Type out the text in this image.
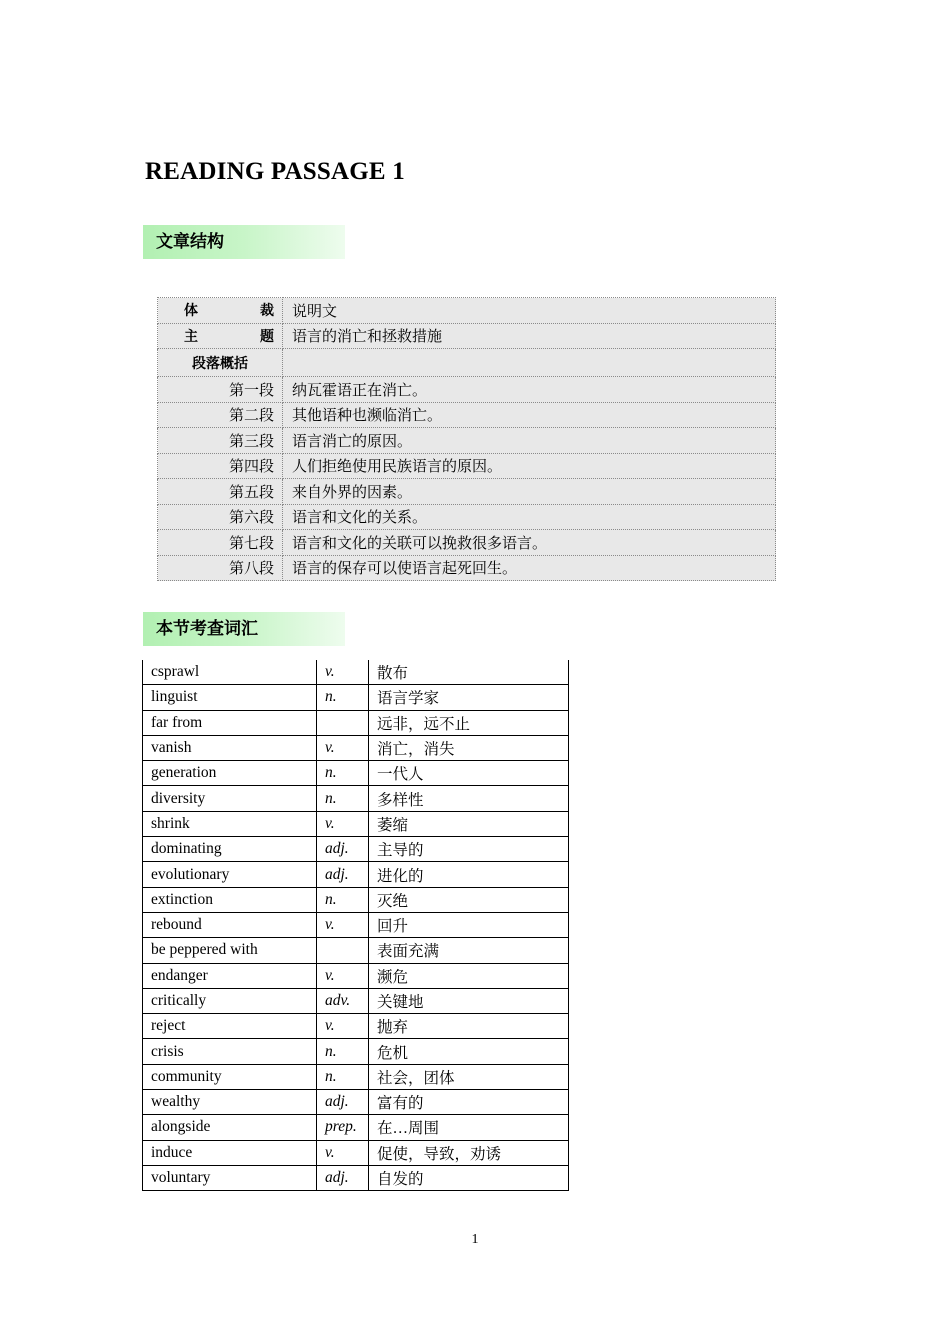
READING PASSAGE 1
文章结构
体　　裁	说明文
主　　题	语言的消亡和拯救措施
段落概括	
第一段	纳瓦霍语正在消亡。
第二段	其他语种也濒临消亡。
第三段	语言消亡的原因。
第四段	人们拒绝使用民族语言的原因。
第五段	来自外界的因素。
第六段	语言和文化的关系。
第七段	语言和文化的关联可以挽救很多语言。
第八段	语言的保存可以使语言起死回生。
本节考查词汇
csprawl	v.	散布
linguist	n.	语言学家
far from		远非，远不止
vanish	v.	消亡，消失
generation	n.	一代人
diversity	n.	多样性
shrink	v.	萎缩
dominating	adj.	主导的
evolutionary	adj.	进化的
extinction	n.	灭绝
rebound	v.	回升
be peppered with		表面充满
endanger	v.	濒危
critically	adv.	关键地
reject	v.	抛弃
crisis	n.	危机
community	n.	社会，团体
wealthy	adj.	富有的
alongside	prep.	在…周围
induce	v.	促使，导致，劝诱
voluntary	adj.	自发的
1
